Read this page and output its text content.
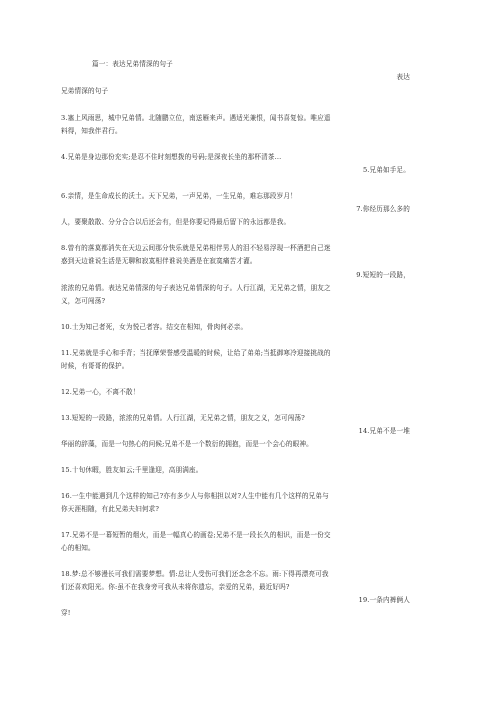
篇一：表达兄弟情深的句子
表达
兄弟情深的句子
3.塞上风雨思，城中兄弟情。北随鹏立位，南送雁来声。遇适光兼恨，闻书喜复惊。唯应遥
料得，知我伴君行。
4.兄弟是身边那份充实;是忍不住时刻想拨的号码;是深夜长坐的那杯清茶...
5.兄弟如手足。
6.亲情，是生命成长的沃土。天下兄弟，一声兄弟，一生兄弟，难忘那段岁月！
7.你经历那么多的
人，要聚散散、分分合合以后还会有，但是你要记得最后留下的永远都是我。
8.曾有的落莫都消失在天边云间那分快乐就是兄弟相伴男人的泪不轻易浮现一杯酒把自己迷
惑到天边谁说生活是无聊和寂寞相伴谁说美酒是在寂寞痛苦才灌。
9.短短的一段路，
浓浓的兄弟情。表达兄弟情深的句子表达兄弟情深的句子。人行江湖，无兄弟之情，朋友之
义，怎可闯荡?
10.士为知己者死，女为悦己者容。结交在相知，骨肉何必亲。
11.兄弟就是手心和手背；当抚摩荣誉感受温暖的时候，让给了弟弟;当抵御寒冷迎接挑战的
时候，有哥哥的保护。
12.兄弟一心，不离不散！
13.短短的一段路，浓浓的兄弟情。人行江湖，无兄弟之情，朋友之义，怎可闯荡?
14.兄弟不是一堆
华丽的辞藻，而是一句热心的问候;兄弟不是一个数衍的拥抱，而是一个会心的眼神。
15.十旬休暇，胜友如云;千里逢迎，高朋满座。
16.一生中能遇到几个这样的知己?亦有多少人与你相担以对?人生中能有几个这样的兄弟与
你天涯相随，有此兄弟夫妇何求?
17.兄弟不是一幕短暂的烟火，而是一幅真心的画卷;兄弟不是一段长久的相识，而是一份交
心的相知。
18.梦:总不够漫长可我们需要梦想。情:总让人受伤可我们还念念不忘。雨:下得再漂亮可我
们还喜欢阳光。你:虽不在我身旁可我从未将你遗忘，亲爱的兄弟，最近好吗?
19.一条内裤俩人
穿!
